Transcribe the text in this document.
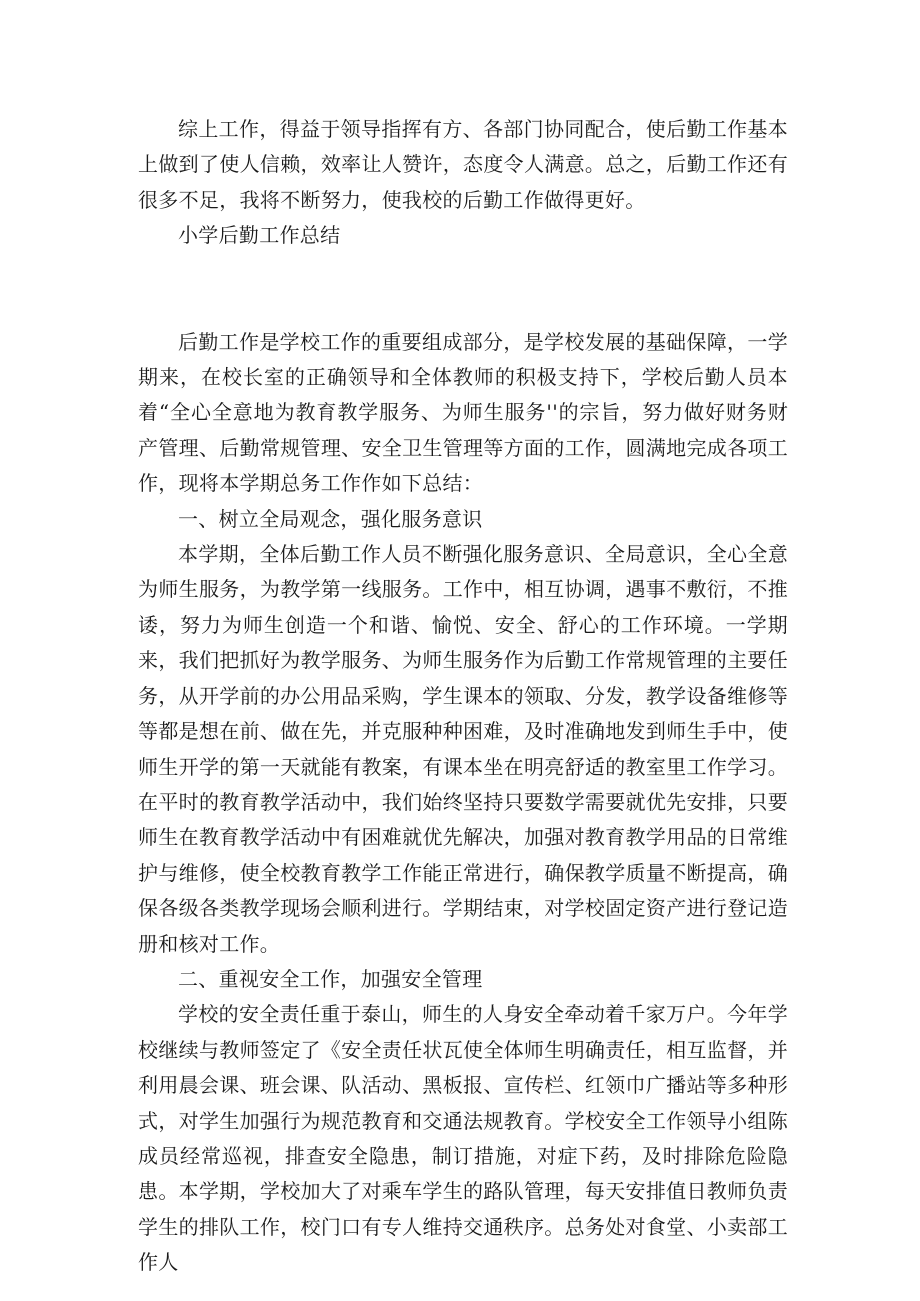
综上工作，得益于领导指挥有方、各部门协同配合，使后勤工作基本上做到了使人信赖，效率让人赞许，态度令人满意。总之，后勤工作还有很多不足，我将不断努力，使我校的后勤工作做得更好。

小学后勤工作总结

后勤工作是学校工作的重要组成部分，是学校发展的基础保障，一学期来，在校长室的正确领导和全体教师的积极支持下，学校后勤人员本着“全心全意地为教育教学服务、为师生服务''的宗旨，努力做好财务财产管理、后勤常规管理、安全卫生管理等方面的工作，圆满地完成各项工作，现将本学期总务工作作如下总结：

一、树立全局观念，强化服务意识

本学期，全体后勤工作人员不断强化服务意识、全局意识，全心全意为师生服务，为教学第一线服务。工作中，相互协调，遇事不敷衍，不推诿，努力为师生创造一个和谐、愉悦、安全、舒心的工作环境。一学期来，我们把抓好为教学服务、为师生服务作为后勤工作常规管理的主要任务，从开学前的办公用品采购，学生课本的领取、分发，教学设备维修等等都是想在前、做在先，并克服种种困难，及时准确地发到师生手中，使师生开学的第一天就能有教案，有课本坐在明亮舒适的教室里工作学习。在平时的教育教学活动中，我们始终坚持只要数学需要就优先安排，只要师生在教育教学活动中有困难就优先解决，加强对教育教学用品的日常维护与维修，使全校教育教学工作能正常进行，确保教学质量不断提高，确保各级各类教学现场会顺利进行。学期结束，对学校固定资产进行登记造册和核对工作。

二、重视安全工作，加强安全管理

学校的安全责任重于泰山，师生的人身安全牵动着千家万户。今年学校继续与教师签定了《安全责任状瓦使全体师生明确责任，相互监督，并利用晨会课、班会课、队活动、黑板报、宣传栏、红领巾广播站等多种形式，对学生加强行为规范教育和交通法规教育。学校安全工作领导小组陈成员经常巡视，排查安全隐患，制订措施，对症下药，及时排除危险隐患。本学期，学校加大了对乘车学生的路队管理，每天安排值日教师负责学生的排队工作，校门口有专人维持交通秩序。总务处对食堂、小卖部工作人
